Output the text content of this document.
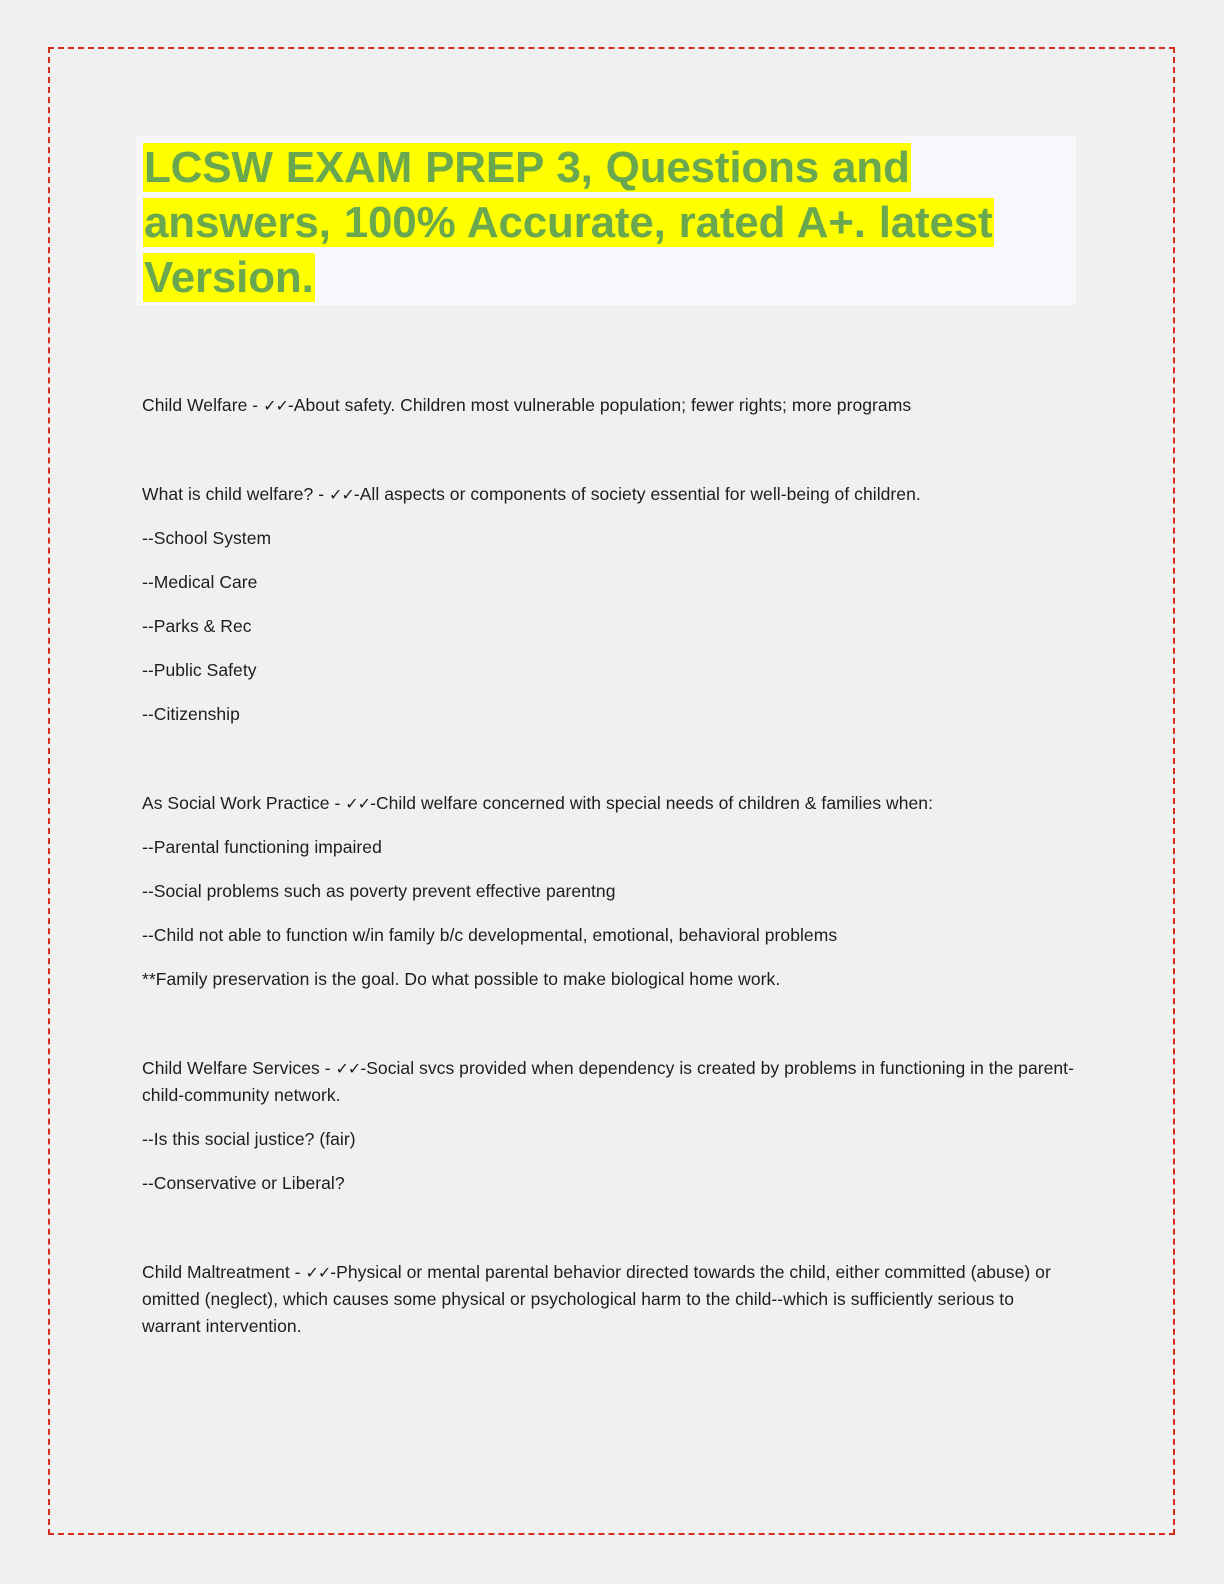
LCSW EXAM PREP 3, Questions and answers, 100% Accurate, rated A+. latest Version.

Child Welfare - ✓✓-About safety. Children most vulnerable population; fewer rights; more programs

What is child welfare? - ✓✓-All aspects or components of society essential for well-being of children.

--School System

--Medical Care

--Parks & Rec

--Public Safety

--Citizenship

As Social Work Practice - ✓✓-Child welfare concerned with special needs of children & families when:

--Parental functioning impaired

--Social problems such as poverty prevent effective parentng

--Child not able to function w/in family b/c developmental, emotional, behavioral problems

**Family preservation is the goal. Do what possible to make biological home work.

Child Welfare Services - ✓✓-Social svcs provided when dependency is created by problems in functioning in the parent-child-community network.

--Is this social justice? (fair)

--Conservative or Liberal?

Child Maltreatment - ✓✓-Physical or mental parental behavior directed towards the child, either committed (abuse) or omitted (neglect), which causes some physical or psychological harm to the child--which is sufficiently serious to warrant intervention.
